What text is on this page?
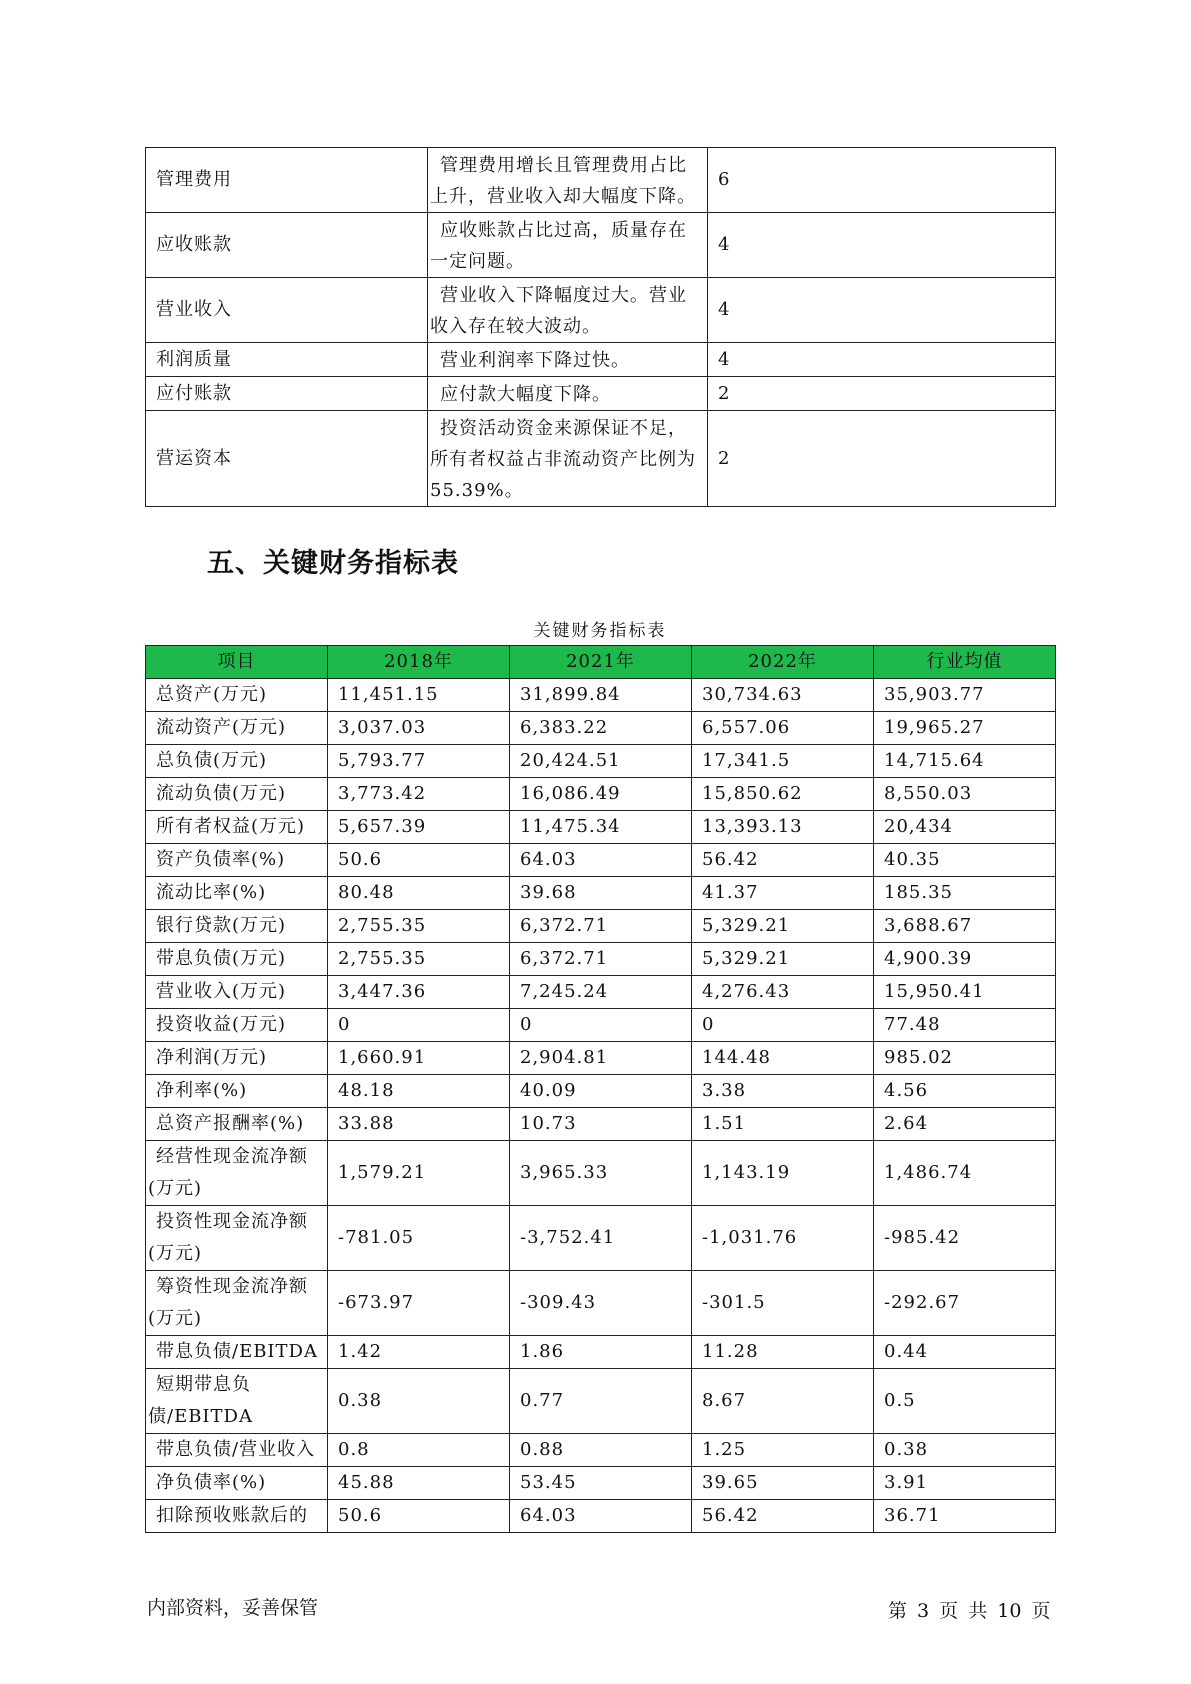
管理费用	管理费用增长且管理费用占比上升，营业收入却大幅度下降。	6
应收账款	应收账款占比过高，质量存在一定问题。	4
营业收入	营业收入下降幅度过大。营业收入存在较大波动。	4
利润质量	营业利润率下降过快。	4
应付账款	应付款大幅度下降。	2
营运资本	投资活动资金来源保证不足，所有者权益占非流动资产比例为55.39%。	2
五、关键财务指标表
关键财务指标表
项目	2018年	2021年	2022年	行业均值
总资产(万元)	11,451.15	31,899.84	30,734.63	35,903.77
流动资产(万元)	3,037.03	6,383.22	6,557.06	19,965.27
总负债(万元)	5,793.77	20,424.51	17,341.5	14,715.64
流动负债(万元)	3,773.42	16,086.49	15,850.62	8,550.03
所有者权益(万元)	5,657.39	11,475.34	13,393.13	20,434
资产负债率(%)	50.6	64.03	56.42	40.35
流动比率(%)	80.48	39.68	41.37	185.35
银行贷款(万元)	2,755.35	6,372.71	5,329.21	3,688.67
带息负债(万元)	2,755.35	6,372.71	5,329.21	4,900.39
营业收入(万元)	3,447.36	7,245.24	4,276.43	15,950.41
投资收益(万元)	0	0	0	77.48
净利润(万元)	1,660.91	2,904.81	144.48	985.02
净利率(%)	48.18	40.09	3.38	4.56
总资产报酬率(%)	33.88	10.73	1.51	2.64
经营性现金流净额(万元)	1,579.21	3,965.33	1,143.19	1,486.74
投资性现金流净额(万元)	-781.05	-3,752.41	-1,031.76	-985.42
筹资性现金流净额(万元)	-673.97	-309.43	-301.5	-292.67
带息负债/EBITDA	1.42	1.86	11.28	0.44
短期带息负债/EBITDA	0.38	0.77	8.67	0.5
带息负债/营业收入	0.8	0.88	1.25	0.38
净负债率(%)	45.88	53.45	39.65	3.91
扣除预收账款后的	50.6	64.03	56.42	36.71
内部资料，妥善保管	第 3 页 共 10 页
